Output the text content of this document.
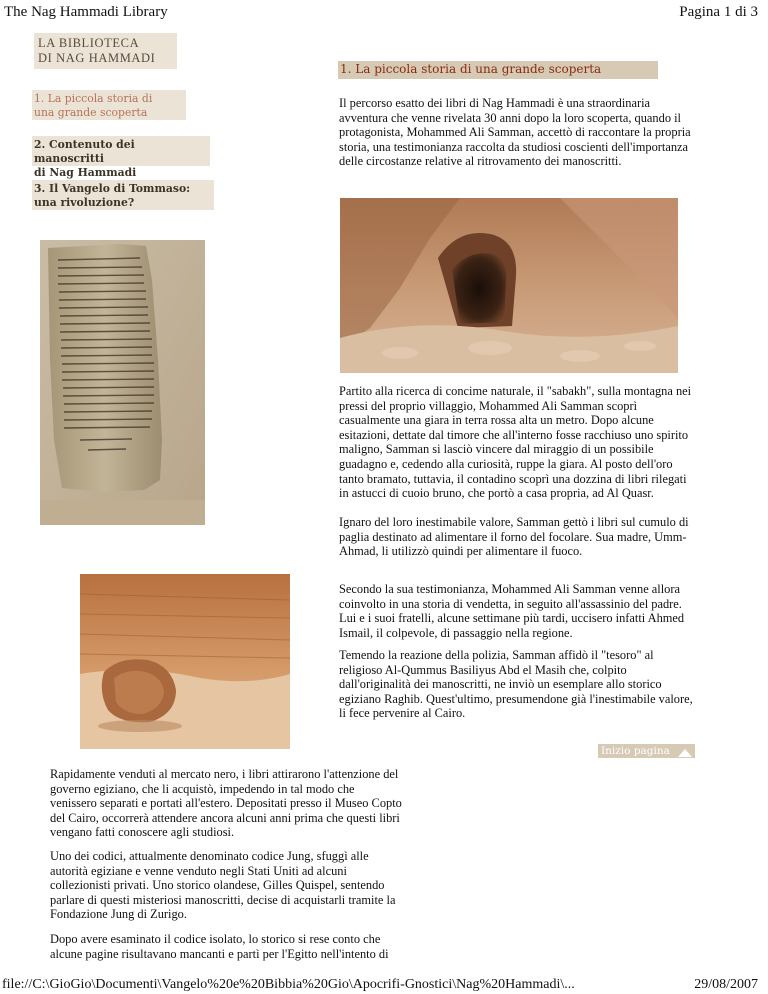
The Nag Hammadi Library	Pagina 1 di 3
LA BIBLIOTECA
DI NAG HAMMADI
1. La piccola storia di
una grande scoperta
2. Contenuto dei manoscritti
di Nag Hammadi
3. Il Vangelo di Tommaso:
una rivoluzione?
1. La piccola storia di una grande scoperta

Il percorso esatto dei libri di Nag Hammadi è una straordinaria avventura che venne rivelata 30 anni dopo la loro scoperta, quando il protagonista, Mohammed Ali Samman, accettò di raccontare la propria storia, una testimonianza raccolta da studiosi coscienti dell'importanza delle circostanze relative al ritrovamento dei manoscritti.

Partito alla ricerca di concime naturale, il "sabakh", sulla montagna nei pressi del proprio villaggio, Mohammed Ali Samman scoprì casualmente una giara in terra rossa alta un metro. Dopo alcune esitazioni, dettate dal timore che all'interno fosse racchiuso uno spirito maligno, Samman si lasciò vincere dal miraggio di un possibile guadagno e, cedendo alla curiosità, ruppe la giara. Al posto dell'oro tanto bramato, tuttavia, il contadino scoprì una dozzina di libri rilegati in astucci di cuoio bruno, che portò a casa propria, ad Al Quasr.

Ignaro del loro inestimabile valore, Samman gettò i libri sul cumulo di paglia destinato ad alimentare il forno del focolare. Sua madre, Umm-Ahmad, li utilizzò quindi per alimentare il fuoco.

Secondo la sua testimonianza, Mohammed Ali Samman venne allora coinvolto in una storia di vendetta, in seguito all'assassinio del padre. Lui e i suoi fratelli, alcune settimane più tardi, uccisero infatti Ahmed Ismail, il colpevole, di passaggio nella regione.

Temendo la reazione della polizia, Samman affidò il "tesoro" al religioso Al-Qummus Basiliyus Abd el Masih che, colpito dall'originalità dei manoscritti, ne inviò un esemplare allo storico egiziano Raghib. Quest'ultimo, presumendone già l'inestimabile valore, li fece pervenire al Cairo.

Inizio pagina

Rapidamente venduti al mercato nero, i libri attirarono l'attenzione del governo egiziano, che li acquistò, impedendo in tal modo che venissero separati e portati all'estero. Depositati presso il Museo Copto del Cairo, occorrerà attendere ancora alcuni anni prima che questi libri vengano fatti conoscere agli studiosi.

Uno dei codici, attualmente denominato codice Jung, sfuggì alle autorità egiziane e venne venduto negli Stati Uniti ad alcuni collezionisti privati. Uno storico olandese, Gilles Quispel, sentendo parlare di questi misteriosi manoscritti, decise di acquistarli tramite la Fondazione Jung di Zurigo.

Dopo avere esaminato il codice isolato, lo storico si rese conto che alcune pagine risultavano mancanti e partì per l'Egitto nell'intento di

file://C:\GioGio\Documenti\Vangelo%20e%20Bibbia%20Gio\Apocrifi-Gnostici\Nag%20Hammadi\...	29/08/2007
